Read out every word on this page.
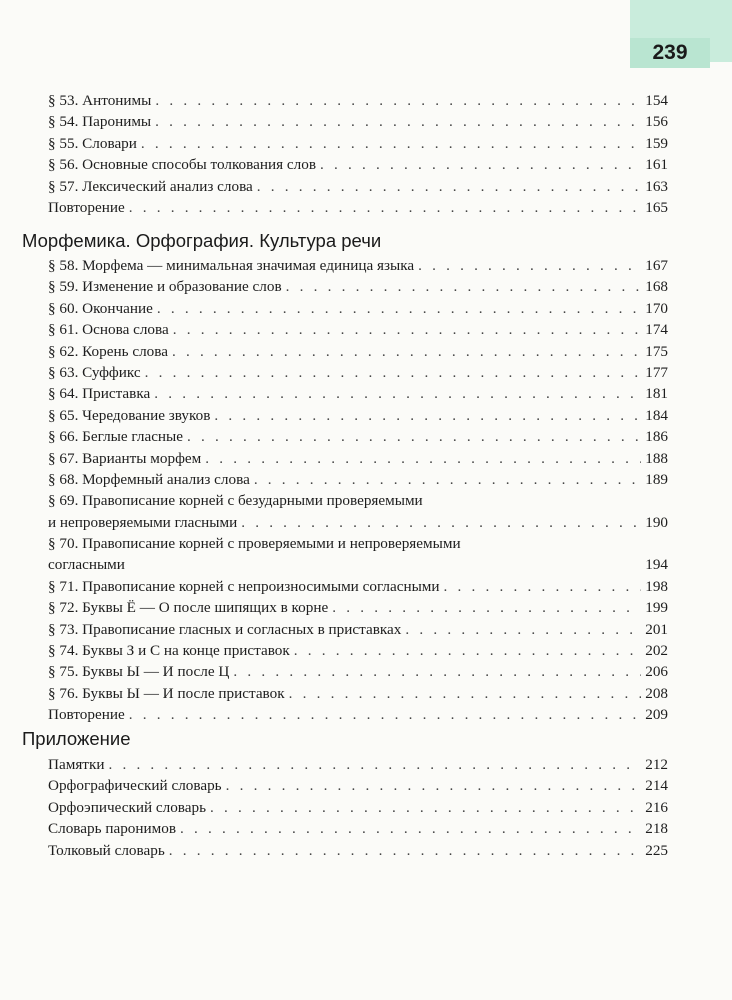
239
§ 53. Антонимы . . .	154
§ 54. Паронимы . . .	156
§ 55. Словари . . .	159
§ 56. Основные способы толкования слов . . .	161
§ 57. Лексический анализ слова . . .	163
Повторение . . .	165
§ 58. Морфема — минимальная значимая единица языка . . .	167
§ 59. Изменение и образование слов . . .	168
§ 60. Окончание . . .	170
§ 61. Основа слова . . .	174
§ 62. Корень слова . . .	175
§ 63. Суффикс . . .	177
§ 64. Приставка . . .	181
§ 65. Чередование звуков . . .	184
§ 66. Беглые гласные . . .	186
§ 67. Варианты морфем . . .	188
§ 68. Морфемный анализ слова . . .	189
§ 69. Правописание корней с безударными проверяемыми
и непроверяемыми гласными . . .	190
§ 70. Правописание корней с проверяемыми и непроверяемыми
согласными	194
§ 71. Правописание корней с непроизносимыми согласными . . .	198
§ 72. Буквы Ё — О после шипящих в корне . . .	199
§ 73. Правописание гласных и согласных в приставках . . .	201
§ 74. Буквы З и С на конце приставок . . .	202
§ 75. Буквы Ы — И после Ц . . .	206
§ 76. Буквы Ы — И после приставок . . .	208
Повторение . . .	209
Памятки . . .	212
Орфографический словарь . . .	214
Орфоэпический словарь . . .	216
Словарь паронимов . . .	218
Толковый словарь . . .	225
Морфемика. Орфография. Культура речи
Приложение
